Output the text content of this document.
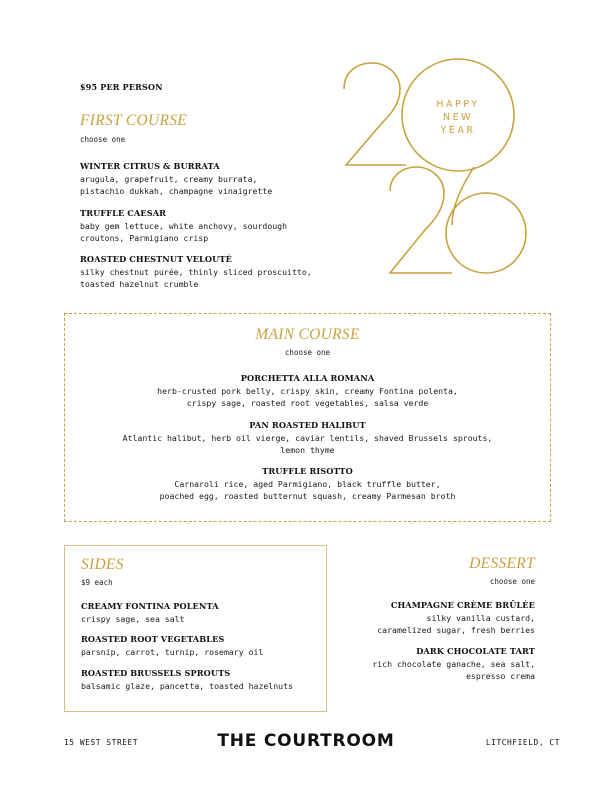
$95 PER PERSON
FIRST COURSE
choose one
WINTER CITRUS & BURRATA
arugula, grapefruit, creamy burrata,
pistachio dukkah, champagne vinaigrette
TRUFFLE CAESAR
baby gem lettuce, white anchovy, sourdough
croutons, Parmigiano crisp
ROASTED CHESTNUT VELOUTÉ
silky chestnut purée, thinly sliced proscuitto,
toasted hazelnut crumble
HAPPY
NEW
YEAR
MAIN COURSE
choose one
PORCHETTA ALLA ROMANA
herb-crusted pork belly, crispy skin, creamy Fontina polenta,
crispy sage, roasted root vegetables, salsa verde
PAN ROASTED HALIBUT
Atlantic halibut, herb oil vierge, caviar lentils, shaved Brussels sprouts,
lemon thyme
TRUFFLE RISOTTO
Carnaroli rice, aged Parmigiano, black truffle butter,
poached egg, roasted butternut squash, creamy Parmesan broth
SIDES
$9 each
CREAMY FONTINA POLENTA
crispy sage, sea salt
ROASTED ROOT VEGETABLES
parsnip, carrot, turnip, rosemary oil
ROASTED BRUSSELS SPROUTS
balsamic glaze, pancetta, toasted hazelnuts
DESSERT
choose one
CHAMPAGNE CRÈME BRÛLÉE
silky vanilla custard,
caramelized sugar, fresh berries
DARK CHOCOLATE TART
rich chocolate ganache, sea salt,
espresso crema
15 WEST STREET	THE COURTROOM	LITCHFIELD, CT
